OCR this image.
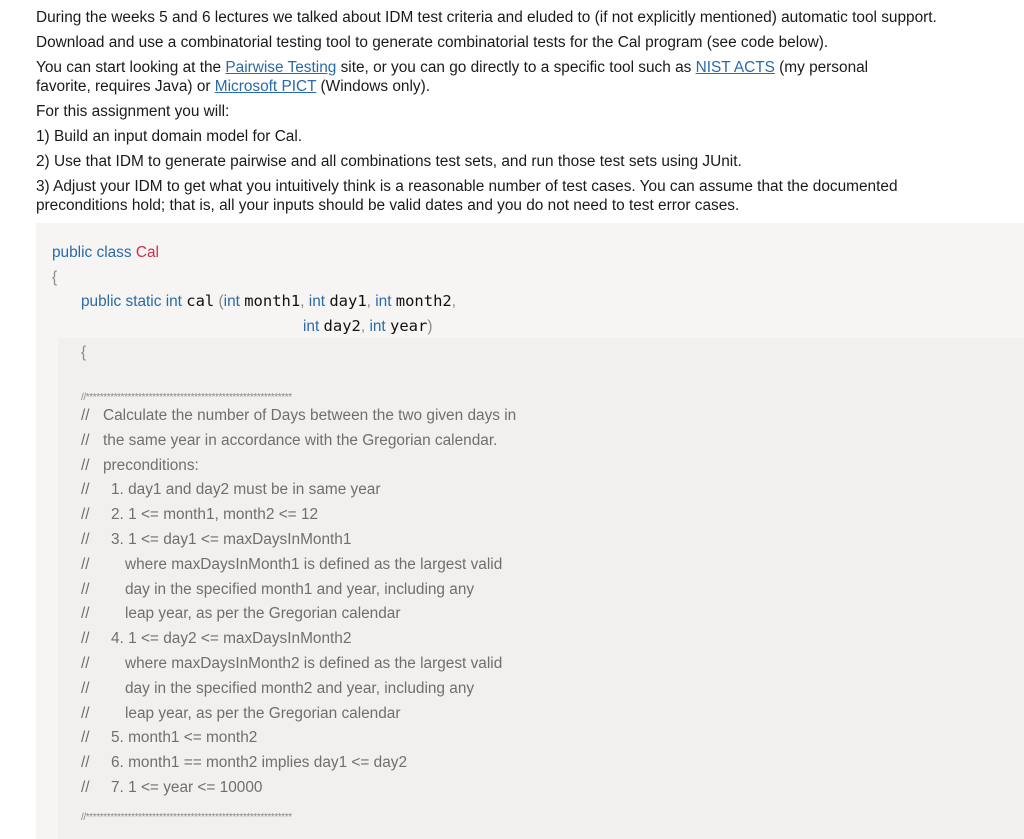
During the weeks 5 and 6 lectures we talked about IDM test criteria and eluded to (if not explicitly mentioned) automatic tool support.

Download and use a combinatorial testing tool to generate combinatorial tests for the Cal program (see code below).

You can start looking at the Pairwise Testing site, or you can go directly to a specific tool such as NIST ACTS (my personal

favorite, requires Java) or Microsoft PICT (Windows only).

For this assignment you will:

1) Build an input domain model for Cal.

2) Use that IDM to generate pairwise and all combinations test sets, and run those test sets using JUnit.

3) Adjust your IDM to get what you intuitively think is a reasonable number of test cases. You can assume that the documented
preconditions hold; that is, all your inputs should be valid dates and you do not need to test error cases.

public class Cal
{
public static int cal (int month1, int day1, int month2,
int day2, int year)
{
//***********************************************************
// Calculate the number of Days between the two given days in
// the same year in accordance with the Gregorian calendar.
// preconditions:
// 1. day1 and day2 must be in same year
// 2. 1 <= month1, month2 <= 12
// 3. 1 <= day1 <= maxDaysInMonth1
// where maxDaysInMonth1 is defined as the largest valid
// day in the specified month1 and year, including any
// leap year, as per the Gregorian calendar
// 4. 1 <= day2 <= maxDaysInMonth2
// where maxDaysInMonth2 is defined as the largest valid
// day in the specified month2 and year, including any
// leap year, as per the Gregorian calendar
// 5. month1 <= month2
// 6. month1 == month2 implies day1 <= day2
// 7. 1 <= year <= 10000
//***********************************************************
